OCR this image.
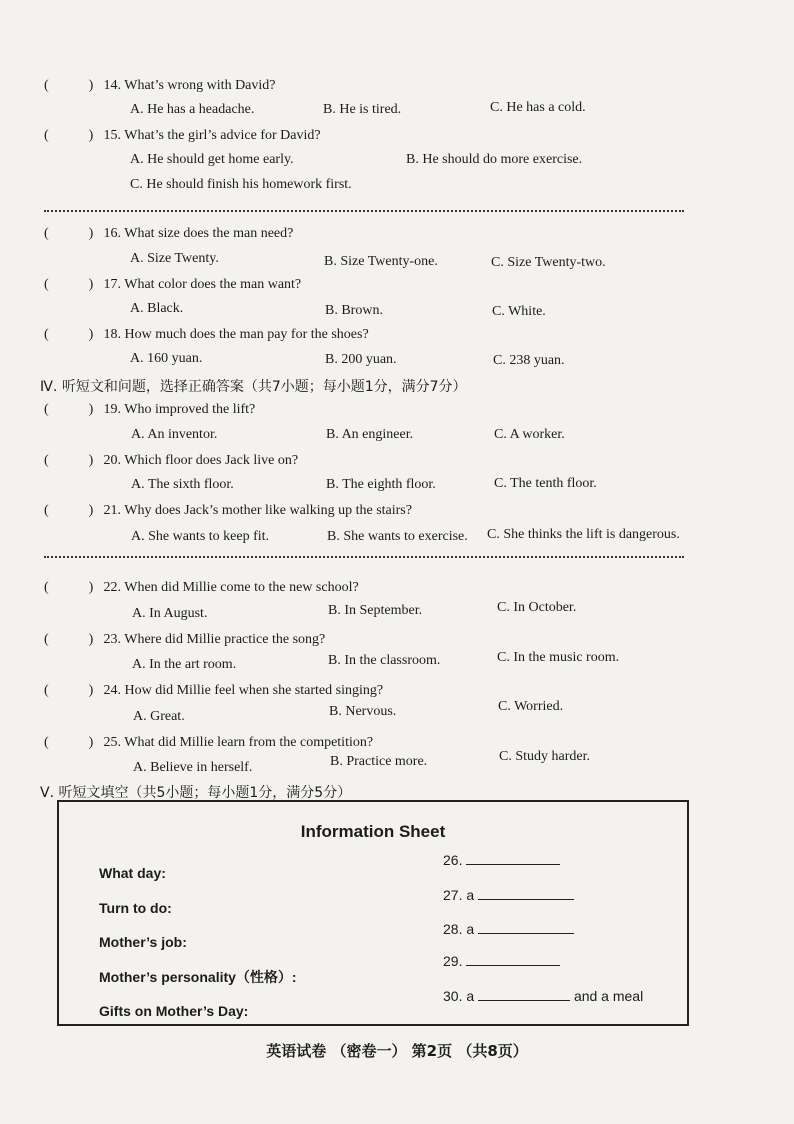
(	) 14. What’s wrong with David?
A. He has a headache.	B. He is tired.	C. He has a cold.
(	) 15. What’s the girl’s advice for David?
A. He should get home early.	B. He should do more exercise.
C. He should finish his homework first.
(	) 16. What size does the man need?
A. Size Twenty.	B. Size Twenty-one.	C. Size Twenty-two.
(	) 17. What color does the man want?
A. Black.	B. Brown.	C. White.
(	) 18. How much does the man pay for the shoes?
A. 160 yuan.	B. 200 yuan.	C. 238 yuan.
Ⅳ. 听短文和问题，选择正确答案（共7小题；每小题1分，满分7分）
(	) 19. Who improved the lift?
A. An inventor.	B. An engineer.	C. A worker.
(	) 20. Which floor does Jack live on?
A. The sixth floor.	B. The eighth floor.	C. The tenth floor.
(	) 21. Why does Jack’s mother like walking up the stairs?
A. She wants to keep fit.	B. She wants to exercise. C. She thinks the lift is dangerous.
(	) 22. When did Millie come to the new school?
A. In August.	B. In September.	C. In October.
(	) 23. Where did Millie practice the song?
A. In the art room.	B. In the classroom.	C. In the music room.
(	) 24. How did Millie feel when she started singing?
A. Great.	B. Nervous.	C. Worried.
(	) 25. What did Millie learn from the competition?
A. Believe in herself.	B. Practice more.	C. Study harder.
Ⅴ. 听短文填空（共5小题；每小题1分，满分5分）
Information Sheet
What day:
26.
Turn to do:
27. a
Mother’s job:
28. a
Mother’s personality（性格）:
29.
Gifts on Mother’s Day:
30. a	and a meal
英语试卷 （密卷一） 第2页 （共8页）
